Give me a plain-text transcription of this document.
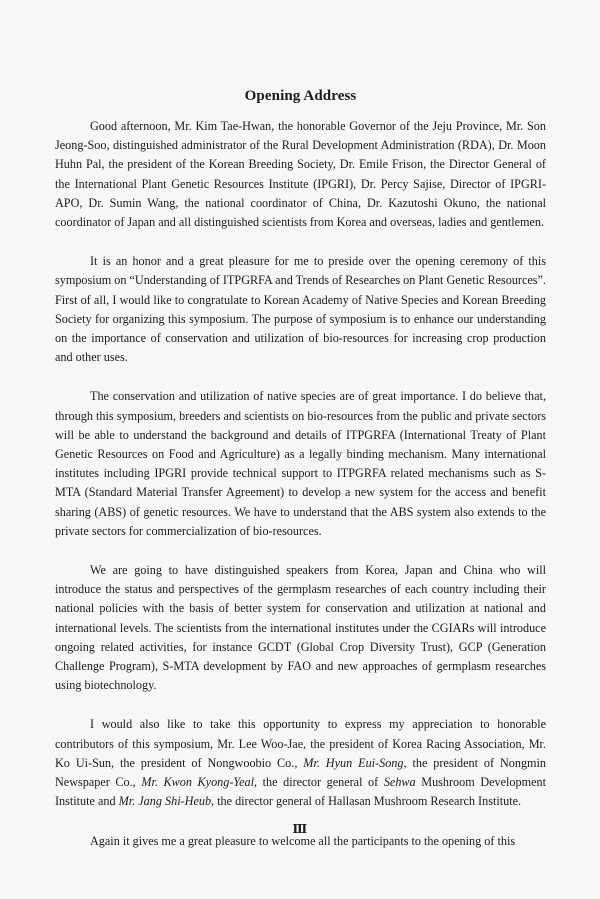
Opening Address

Good afternoon, Mr. Kim Tae-Hwan, the honorable Governor of the Jeju Province, Mr. Son Jeong-Soo, distinguished administrator of the Rural Development Administration (RDA), Dr. Moon Huhn Pal, the president of the Korean Breeding Society, Dr. Emile Frison, the Director General of the International Plant Genetic Resources Institute (IPGRI), Dr. Percy Sajise, Director of IPGRI-APO, Dr. Sumin Wang, the national coordinator of China, Dr. Kazutoshi Okuno, the national coordinator of Japan and all distinguished scientists from Korea and overseas, ladies and gentlemen.

It is an honor and a great pleasure for me to preside over the opening ceremony of this symposium on “Understanding of ITPGRFA and Trends of Researches on Plant Genetic Resources”. First of all, I would like to congratulate to Korean Academy of Native Species and Korean Breeding Society for organizing this symposium. The purpose of symposium is to enhance our understanding on the importance of conservation and utilization of bio-resources for increasing crop production and other uses.

The conservation and utilization of native species are of great importance. I do believe that, through this symposium, breeders and scientists on bio-resources from the public and private sectors will be able to understand the background and details of ITPGRFA (International Treaty of Plant Genetic Resources on Food and Agriculture) as a legally binding mechanism. Many international institutes including IPGRI provide technical support to ITPGRFA related mechanisms such as S-MTA (Standard Material Transfer Agreement) to develop a new system for the access and benefit sharing (ABS) of genetic resources. We have to understand that the ABS system also extends to the private sectors for commercialization of bio-resources.

We are going to have distinguished speakers from Korea, Japan and China who will introduce the status and perspectives of the germplasm researches of each country including their national policies with the basis of better system for conservation and utilization at national and international levels. The scientists from the international institutes under the CGIARs will introduce ongoing related activities, for instance GCDT (Global Crop Diversity Trust), GCP (Generation Challenge Program), S-MTA development by FAO and new approaches of germplasm researches using biotechnology.

I would also like to take this opportunity to express my appreciation to honorable contributors of this symposium, Mr. Lee Woo-Jae, the president of Korea Racing Association, Mr. Ko Ui-Sun, the president of Nongwoobio Co., Mr. Hyun Eui-Song, the president of Nongmin Newspaper Co., Mr. Kwon Kyong-Yeal, the director general of Sehwa Mushroom Development Institute and Mr. Jang Shi-Heub, the director general of Hallasan Mushroom Research Institute.

Again it gives me a great pleasure to welcome all the participants to the opening of this

Ⅲ
